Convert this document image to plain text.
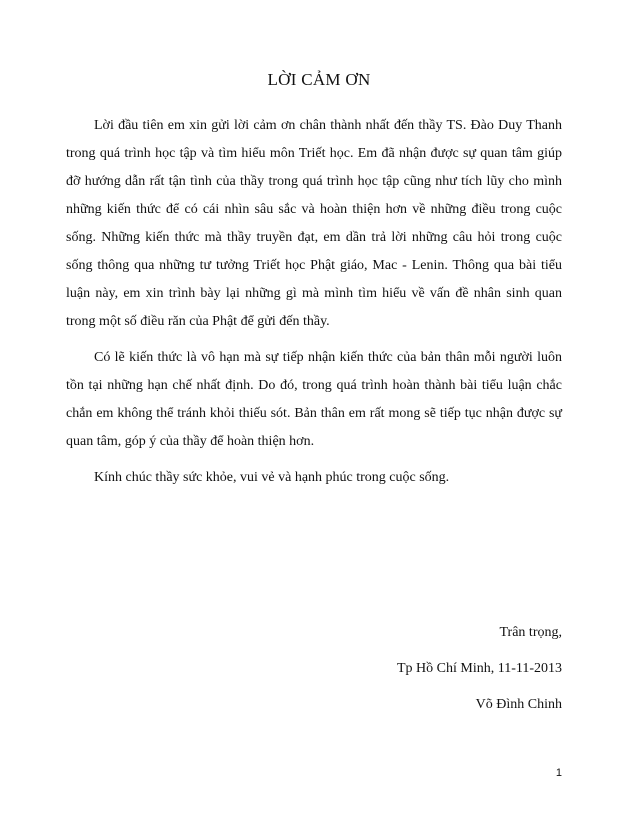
LỜI CẢM ƠN

Lời đầu tiên em xin gửi lời cảm ơn chân thành nhất đến thầy TS. Đào Duy Thanh trong quá trình học tập và tìm hiểu môn Triết học. Em đã nhận được sự quan tâm giúp đỡ hướng dẫn rất tận tình của thầy trong quá trình học tập cũng như tích lũy cho mình những kiến thức để có cái nhìn sâu sắc và hoàn thiện hơn về những điều trong cuộc sống. Những kiến thức mà thầy truyền đạt, em dần trả lời những câu hỏi trong cuộc sống thông qua những tư tưởng Triết học Phật giáo, Mac - Lenin. Thông qua bài tiểu luận này, em xin trình bày lại những gì mà mình tìm hiểu về vấn đề nhân sinh quan trong một số điều răn của Phật để gửi đến thầy.

Có lẽ kiến thức là vô hạn mà sự tiếp nhận kiến thức của bản thân mỗi người luôn tồn tại những hạn chế nhất định. Do đó, trong quá trình hoàn thành bài tiểu luận chắc chắn em không thể tránh khỏi thiếu sót. Bản thân em rất mong sẽ tiếp tục nhận được sự quan tâm, góp ý của thầy để hoàn thiện hơn.

Kính chúc thầy sức khỏe, vui vẻ và hạnh phúc trong cuộc sống.

Trân trọng,
Tp Hồ Chí Minh, 11-11-2013
Võ Đình Chinh
1
